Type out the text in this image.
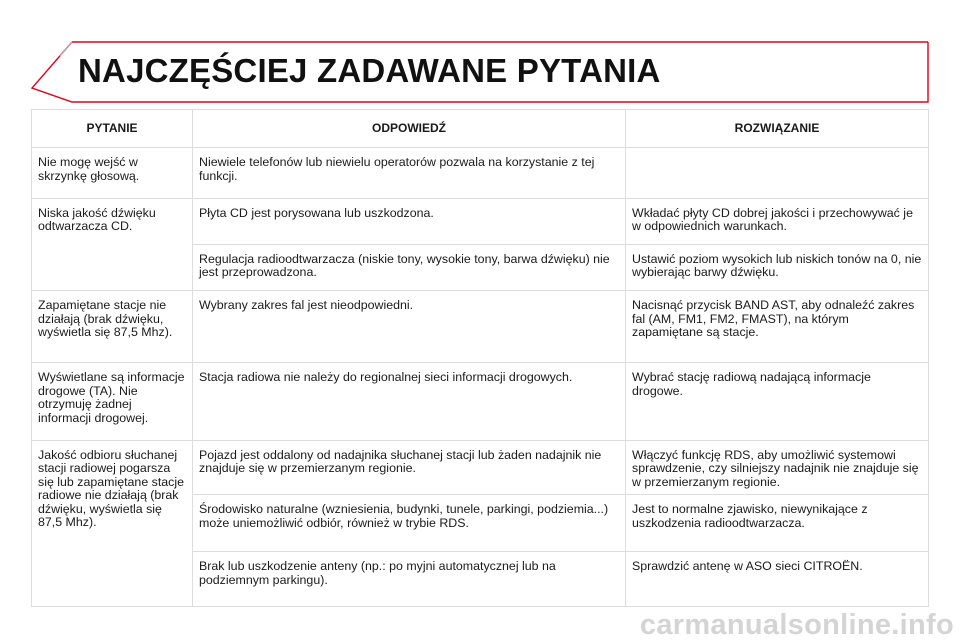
NAJCZĘŚCIEJ ZADAWANE PYTANIA
PYTANIE	ODPOWIEDŹ	ROZWIĄZANIE
Nie mogę wejść w skrzynkę głosową.	Niewiele telefonów lub niewielu operatorów pozwala na korzystanie z tej funkcji.	
Niska jakość dźwięku odtwarzacza CD.	Płyta CD jest porysowana lub uszkodzona.	Wkładać płyty CD dobrej jakości i przechowywać je w odpowiednich warunkach.
	Regulacja radioodtwarzacza (niskie tony, wysokie tony, barwa dźwięku) nie jest przeprowadzona.	Ustawić poziom wysokich lub niskich tonów na 0, nie wybierając barwy dźwięku.
Zapamiętane stacje nie działają (brak dźwięku, wyświetla się 87,5 Mhz).	Wybrany zakres fal jest nieodpowiedni.	Nacisnąć przycisk BAND AST, aby odnaleźć zakres fal (AM, FM1, FM2, FMAST), na którym zapamiętane są stacje.
Wyświetlane są informacje drogowe (TA). Nie otrzymuję żadnej informacji drogowej.	Stacja radiowa nie należy do regionalnej sieci informacji drogowych.	Wybrać stację radiową nadającą informacje drogowe.
Jakość odbioru słuchanej stacji radiowej pogarsza się lub zapamiętane stacje radiowe nie działają (brak dźwięku, wyświetla się 87,5 Mhz).	Pojazd jest oddalony od nadajnika słuchanej stacji lub żaden nadajnik nie znajduje się w przemierzanym regionie.	Włączyć funkcję RDS, aby umożliwić systemowi sprawdzenie, czy silniejszy nadajnik nie znajduje się w przemierzanym regionie.
	Środowisko naturalne (wzniesienia, budynki, tunele, parkingi, podziemia...) może uniemożliwić odbiór, również w trybie RDS.	Jest to normalne zjawisko, niewynikające z uszkodzenia radioodtwarzacza.
	Brak lub uszkodzenie anteny (np.: po myjni automatycznej lub na podziemnym parkingu).	Sprawdzić antenę w ASO sieci CITROËN.
carmanualsonline.info
